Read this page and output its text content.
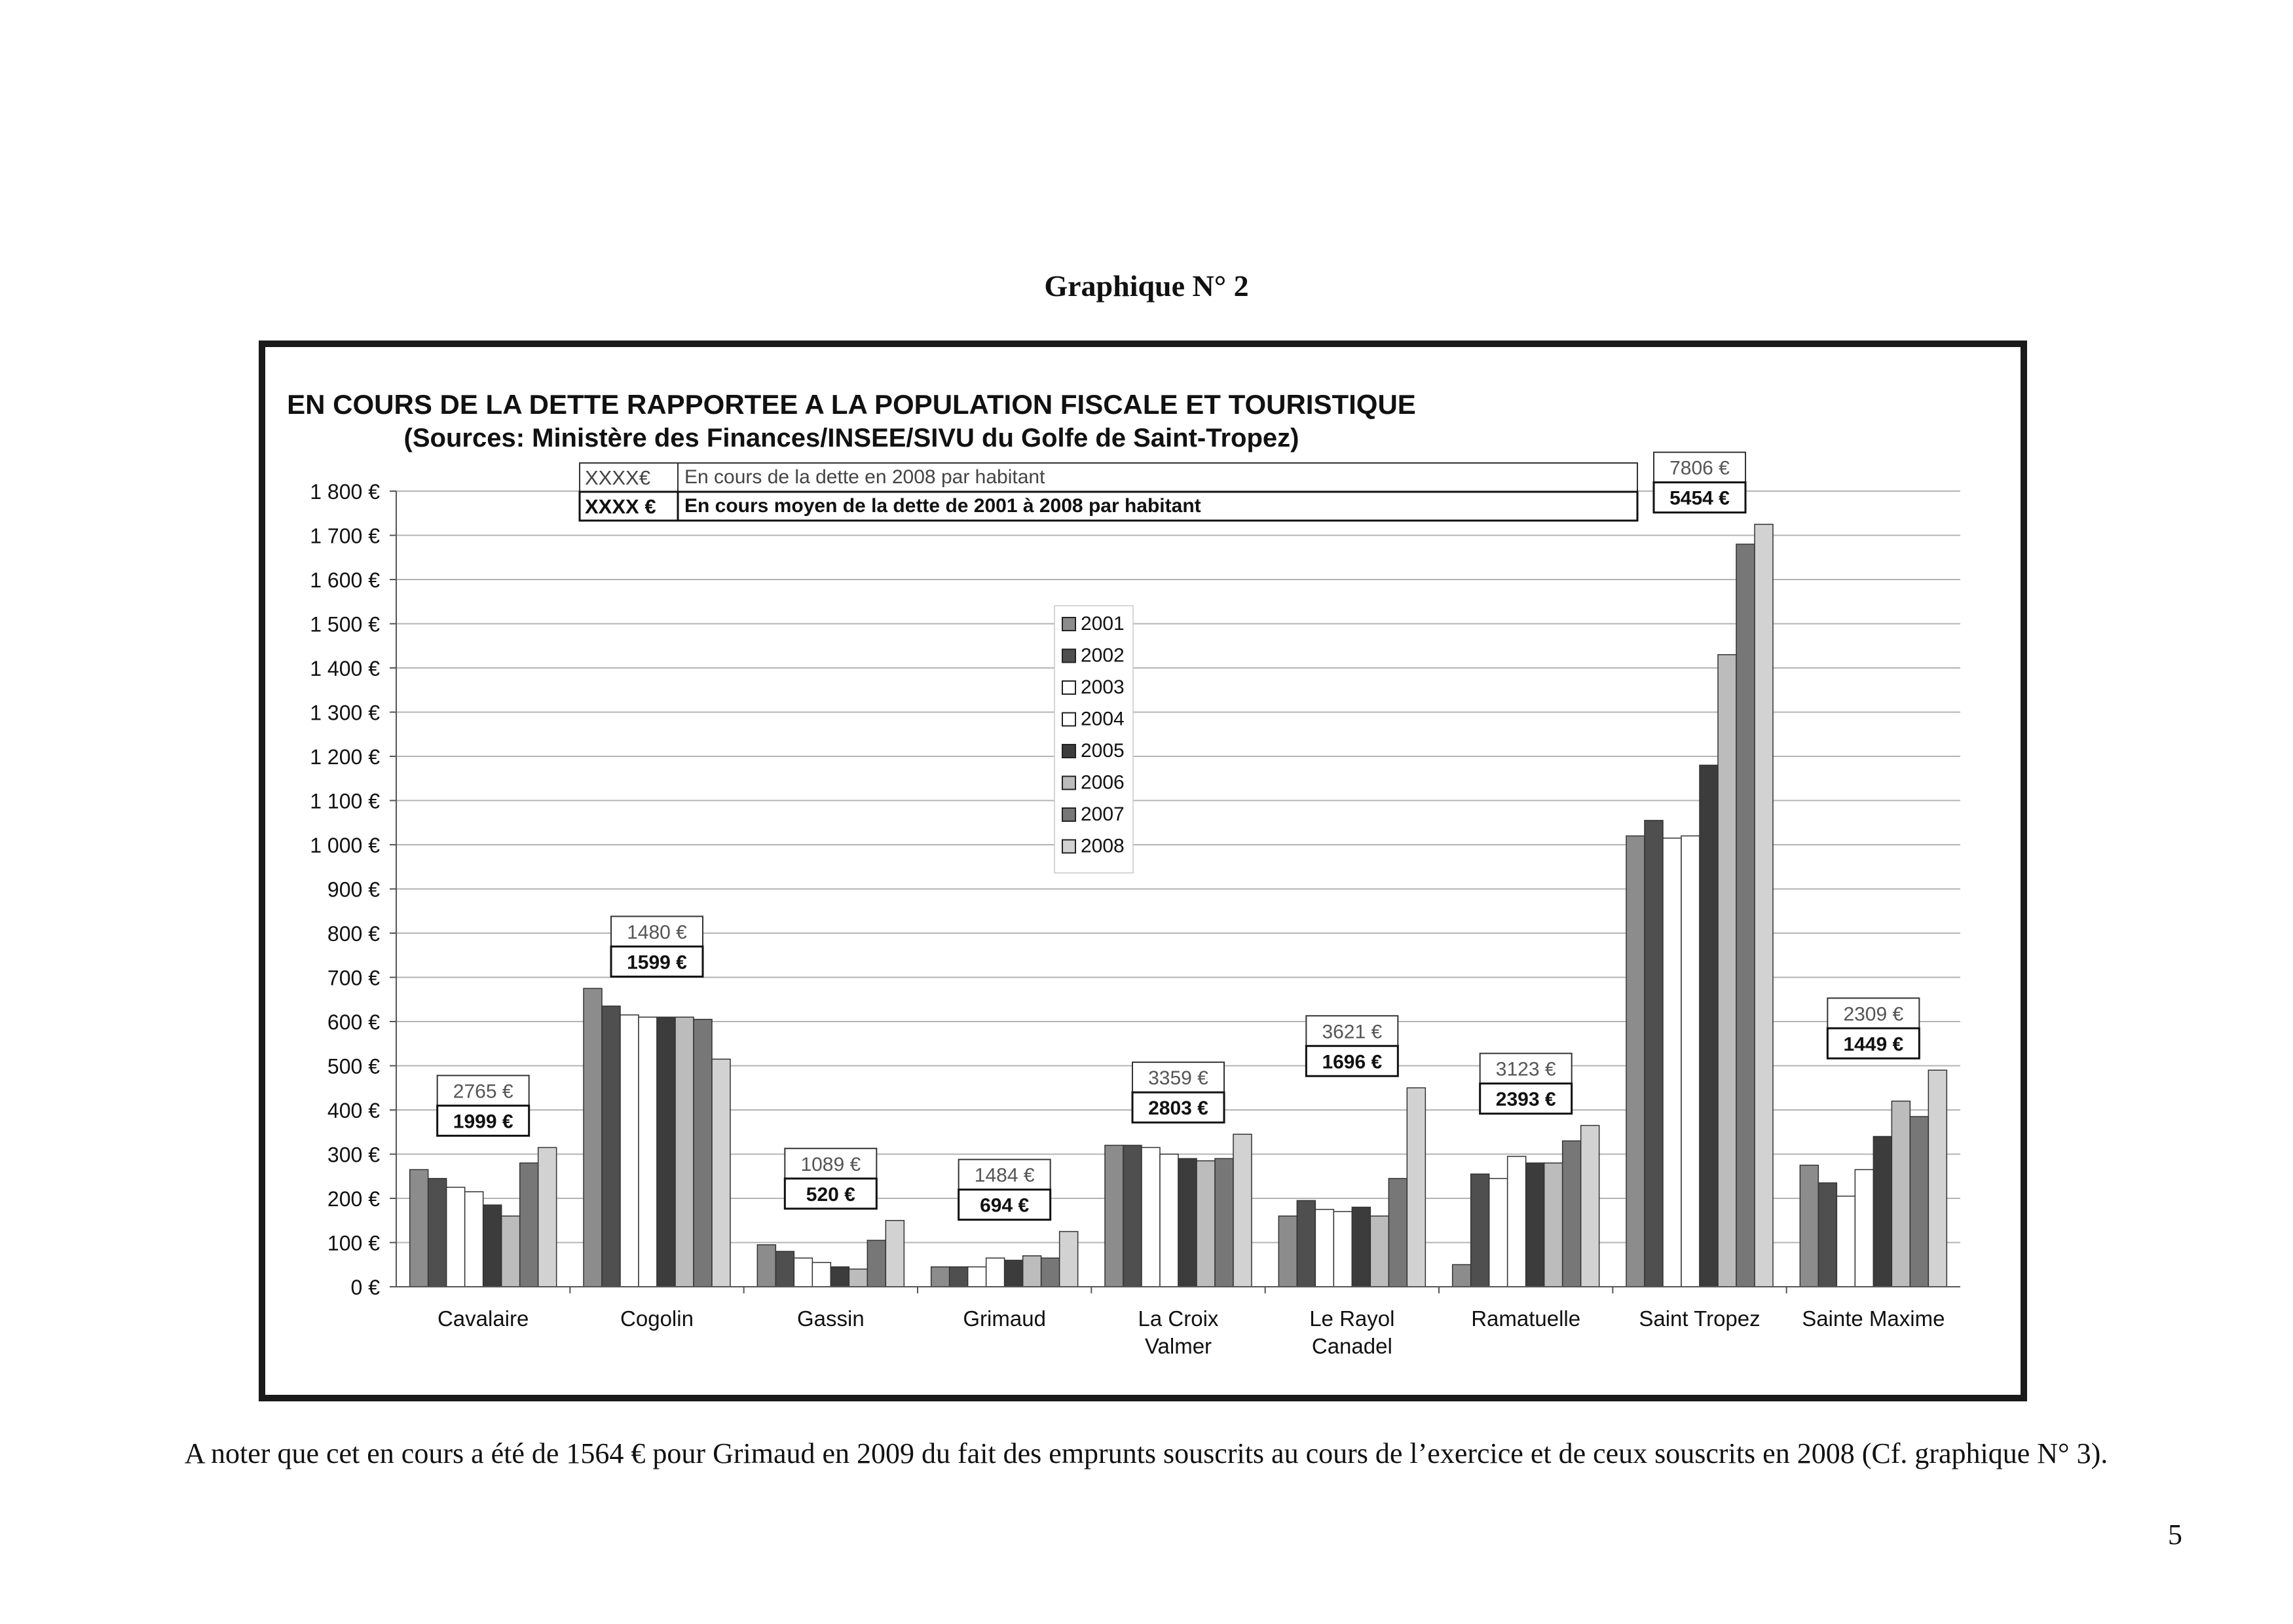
Graphique N° 2
0 €
100 €
200 €
300 €
400 €
500 €
600 €
700 €
800 €
900 €
1 000 €
1 100 €
1 200 €
1 300 €
1 400 €
1 500 €
1 600 €
1 700 €
1 800 €
Cavalaire	Cogolin	Gassin	Grimaud	La Croix
Valmer
Le Rayol
Canadel
Ramatuelle	Saint Tropez Sainte Maxime
2765 €
1999 €
1480 €
1599 €
1089 €
520 €
1484 €
694 €
3359 €
2803 €
3621 €
1696 €	3123 €
2393 €
7806 €
5454 €
2309 €
1449 €
2001
2002
2003
2004
2005
2006
2007
2008
XXXX€ En cours de la dette en 2008 par habitant
XXXX € En cours moyen de la dette de 2001 à 2008 par habitant
EN COURS DE LA DETTE RAPPORTEE A LA POPULATION FISCALE ET TOURISTIQUE
(Sources: Ministère des Finances/INSEE/SIVU du Golfe de Saint-Tropez)
A noter que cet en cours a été de 1564 € pour Grimaud en 2009 du fait des emprunts souscrits au cours de l’exercice et de ceux souscrits en 2008 (Cf. graphique N° 3).
5
